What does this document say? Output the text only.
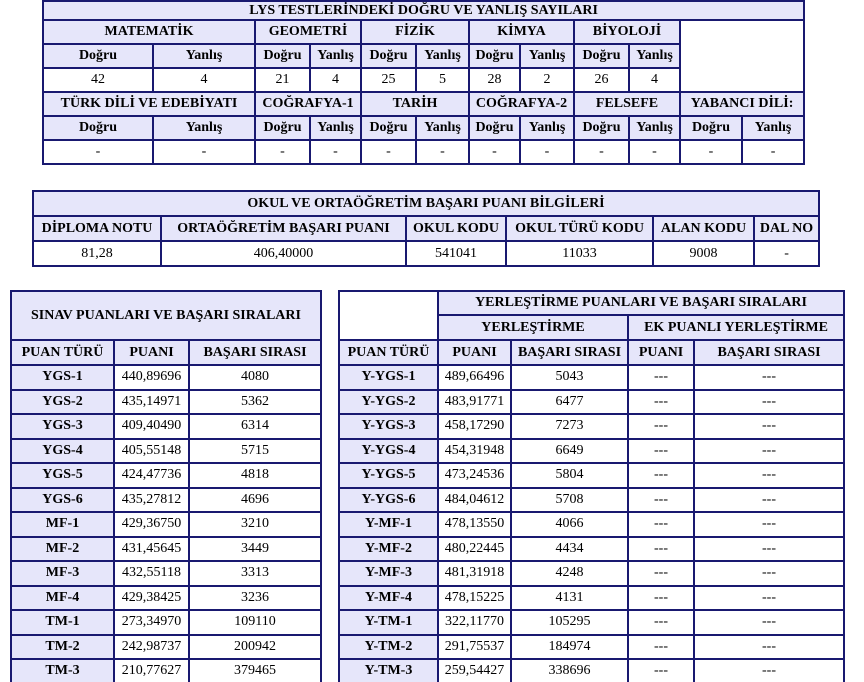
LYS TESTLERİNDEKİ DOĞRU VE YANLIŞ SAYILARI											
MATEMATİK		GEOMETRİ		FİZİK		KİMYA		BİYOLOJİ			
Doğru	Yanlış	Doğru	Yanlış	Doğru	Yanlış	Doğru	Yanlış	Doğru	Yanlış		
42	4	21	4	25	5	28	2	26	4		
TÜRK DİLİ VE EDEBİYATI		COĞRAFYA-1		TARİH		COĞRAFYA-2		FELSEFE		YABANCI DİLİ:	
Doğru	Yanlış	Doğru	Yanlış	Doğru	Yanlış	Doğru	Yanlış	Doğru	Yanlış	Doğru	Yanlış
-	-	-	-	-	-	-	-	-	-	-	-
OKUL VE ORTAÖĞRETİM BAŞARI PUANI BİLGİLERİ					
DİPLOMA NOTU	ORTAÖĞRETİM BAŞARI PUANI	OKUL KODU	OKUL TÜRÜ KODU	ALAN KODU	DAL NO
81,28	406,40000	541041	11033	9008	-
SINAV PUANLARI VE BAŞARI SIRALARI		
PUAN TÜRÜ	PUANI	BAŞARI SIRASI
YGS-1	440,89696	4080
YGS-2	435,14971	5362
YGS-3	409,40490	6314
YGS-4	405,55148	5715
YGS-5	424,47736	4818
YGS-6	435,27812	4696
MF-1	429,36750	3210
MF-2	431,45645	3449
MF-3	432,55118	3313
MF-4	429,38425	3236
TM-1	273,34970	109110
TM-2	242,98737	200942
TM-3	210,77627	379465
	YERLEŞTİRME PUANLARI VE BAŞARI SIRALARI			
	YERLEŞTİRME		EK PUANLI YERLEŞTİRME	
PUAN TÜRÜ	PUANI	BAŞARI SIRASI	PUANI	BAŞARI SIRASI
Y-YGS-1	489,66496	5043	---	---
Y-YGS-2	483,91771	6477	---	---
Y-YGS-3	458,17290	7273	---	---
Y-YGS-4	454,31948	6649	---	---
Y-YGS-5	473,24536	5804	---	---
Y-YGS-6	484,04612	5708	---	---
Y-MF-1	478,13550	4066	---	---
Y-MF-2	480,22445	4434	---	---
Y-MF-3	481,31918	4248	---	---
Y-MF-4	478,15225	4131	---	---
Y-TM-1	322,11770	105295	---	---
Y-TM-2	291,75537	184974	---	---
Y-TM-3	259,54427	338696	---	---
